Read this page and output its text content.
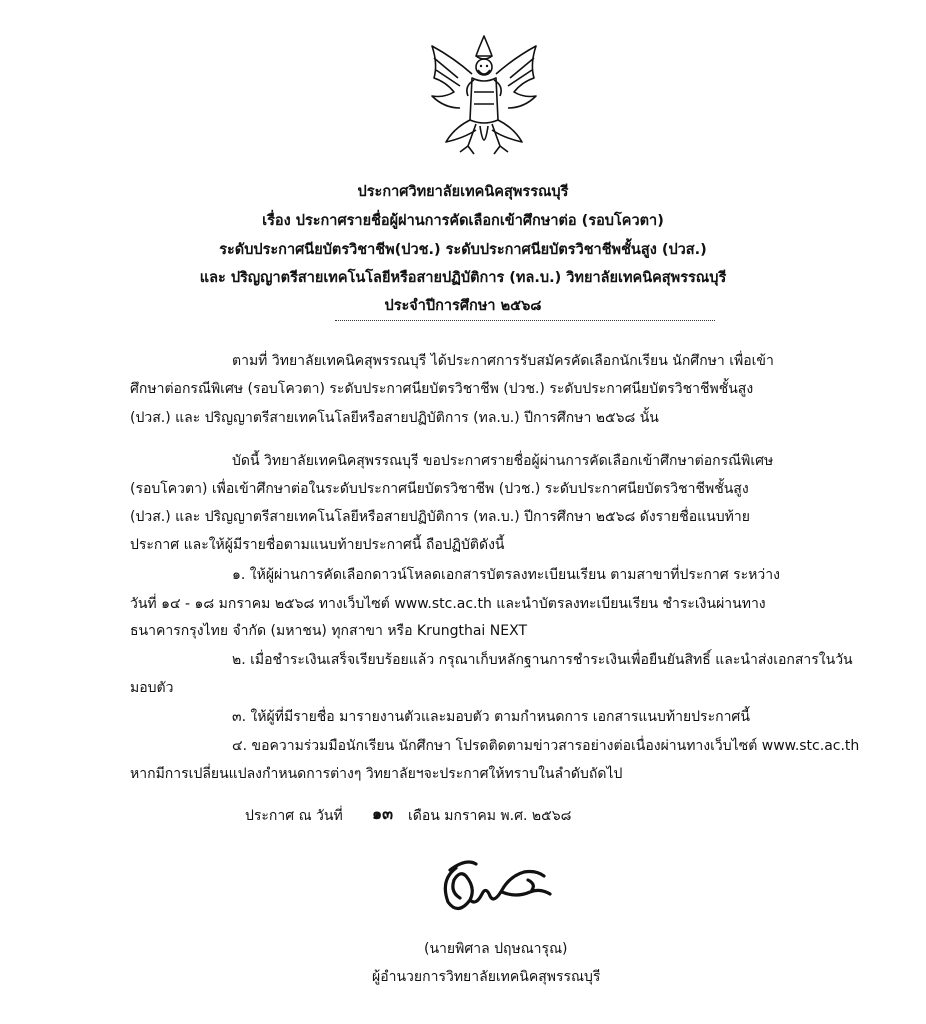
ประกาศวิทยาลัยเทคนิคสุพรรณบุรี
เรื่อง ประกาศรายชื่อผู้ผ่านการคัดเลือกเข้าศึกษาต่อ (รอบโควตา)
ระดับประกาศนียบัตรวิชาชีพ(ปวช.) ระดับประกาศนียบัตรวิชาชีพชั้นสูง (ปวส.)
และ ปริญญาตรีสายเทคโนโลยีหรือสายปฏิบัติการ (ทล.บ.) วิทยาลัยเทคนิคสุพรรณบุรี
ประจำปีการศึกษา ๒๕๖๘
ตามที่ วิทยาลัยเทคนิคสุพรรณบุรี ได้ประกาศการรับสมัครคัดเลือกนักเรียน นักศึกษา เพื่อเข้า
ศึกษาต่อกรณีพิเศษ (รอบโควตา) ระดับประกาศนียบัตรวิชาชีพ (ปวช.) ระดับประกาศนียบัตรวิชาชีพชั้นสูง
(ปวส.) และ ปริญญาตรีสายเทคโนโลยีหรือสายปฏิบัติการ (ทล.บ.) ปีการศึกษา ๒๕๖๘ นั้น
บัดนี้ วิทยาลัยเทคนิคสุพรรณบุรี ขอประกาศรายชื่อผู้ผ่านการคัดเลือกเข้าศึกษาต่อกรณีพิเศษ
(รอบโควตา) เพื่อเข้าศึกษาต่อในระดับประกาศนียบัตรวิชาชีพ (ปวช.) ระดับประกาศนียบัตรวิชาชีพชั้นสูง
(ปวส.) และ ปริญญาตรีสายเทคโนโลยีหรือสายปฏิบัติการ (ทล.บ.) ปีการศึกษา ๒๕๖๘ ดังรายชื่อแนบท้าย
ประกาศ และให้ผู้มีรายชื่อตามแนบท้ายประกาศนี้ ถือปฏิบัติดังนี้
๑. ให้ผู้ผ่านการคัดเลือกดาวน์โหลดเอกสารบัตรลงทะเบียนเรียน ตามสาขาที่ประกาศ ระหว่าง
วันที่ ๑๔ - ๑๘ มกราคม ๒๕๖๘ ทางเว็บไซต์ www.stc.ac.th และนำบัตรลงทะเบียนเรียน ชำระเงินผ่านทาง
ธนาคารกรุงไทย จำกัด (มหาชน) ทุกสาขา หรือ Krungthai NEXT
๒. เมื่อชำระเงินเสร็จเรียบร้อยแล้ว กรุณาเก็บหลักฐานการชำระเงินเพื่อยืนยันสิทธิ์ และนำส่งเอกสารในวัน
มอบตัว
๓. ให้ผู้ที่มีรายชื่อ มารายงานตัวและมอบตัว ตามกำหนดการ เอกสารแนบท้ายประกาศนี้
๔. ขอความร่วมมือนักเรียน นักศึกษา โปรดติดตามข่าวสารอย่างต่อเนื่องผ่านทางเว็บไซต์ www.stc.ac.th
หากมีการเปลี่ยนแปลงกำหนดการต่างๆ วิทยาลัยฯจะประกาศให้ทราบในลำดับถัดไป
ประกาศ ณ วันที่ ๑๓ เดือน มกราคม พ.ศ. ๒๕๖๘
(นายพิศาล ปฤษณารุณ)
ผู้อำนวยการวิทยาลัยเทคนิคสุพรรณบุรี
